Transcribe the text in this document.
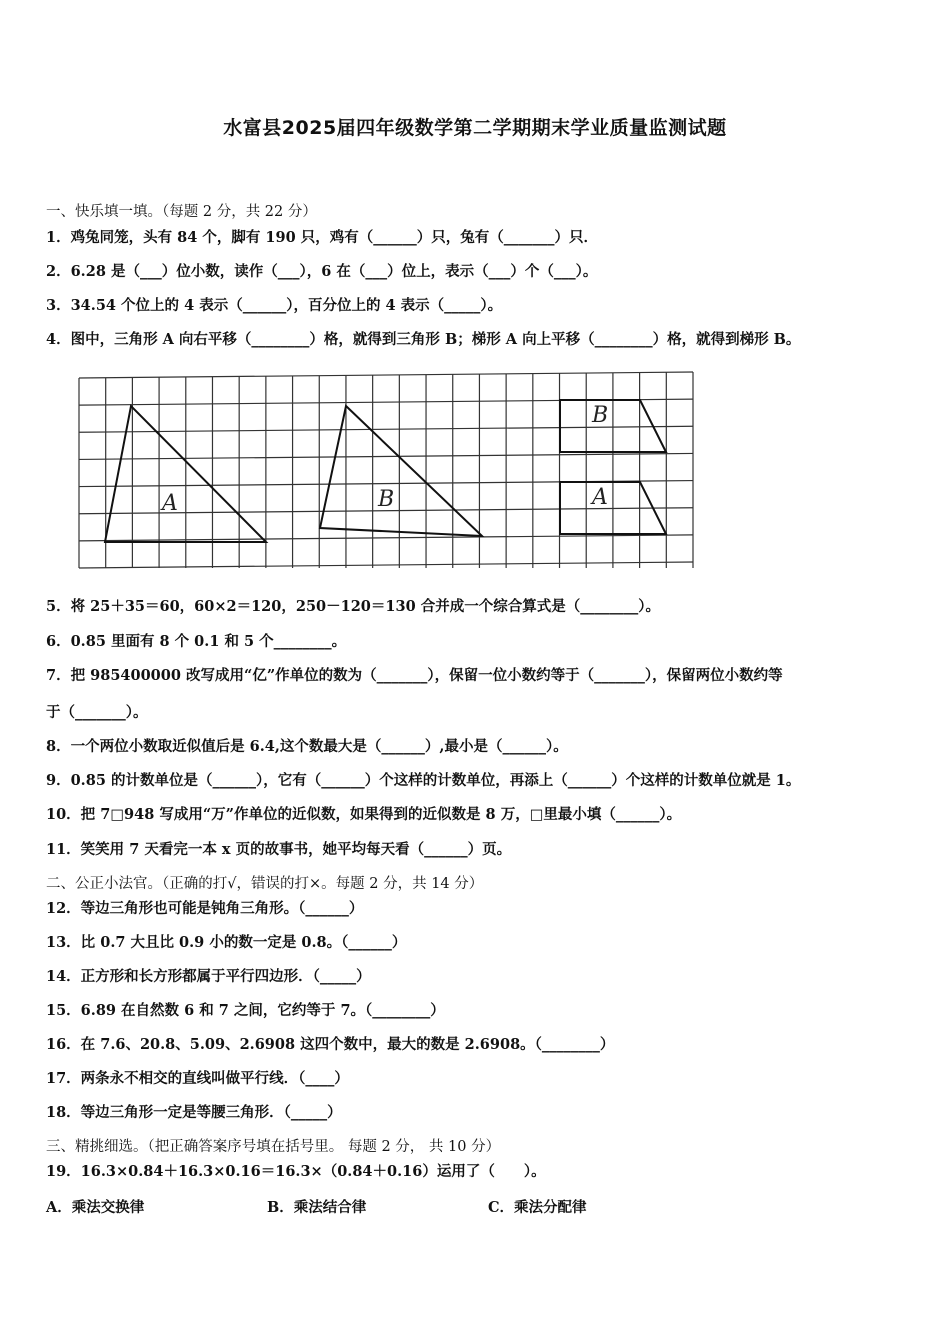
水富县2025届四年级数学第二学期期末学业质量监测试题
一、快乐填一填。（每题 2 分，共 22 分）
1．鸡兔同笼，头有 84 个，脚有 190 只，鸡有（______）只，兔有（_______）只．
2．6.28 是（___）位小数，读作（___），6 在（___）位上，表示（___）个（___）。
3．34.54 个位上的 4 表示（______），百分位上的 4 表示（_____）。
4．图中，三角形 A 向右平移（________）格，就得到三角形 B；梯形 A 向上平移（________）格，就得到梯形 B。
A	B
B
A
5．将 25＋35＝60，60×2＝120，250－120＝130 合并成一个综合算式是（________）。
6．0.85 里面有 8 个 0.1 和 5 个________。
7．把 985400000 改写成用“亿”作单位的数为（_______），保留一位小数约等于（_______），保留两位小数约等
于（_______）。
8．一个两位小数取近似值后是 6.4,这个数最大是（______）,最小是（______）。
9．0.85 的计数单位是（______），它有（______）个这样的计数单位，再添上（______）个这样的计数单位就是 1。
10．把 7□948 写成用“万”作单位的近似数，如果得到的近似数是 8 万，□里最小填（______）。
11．笑笑用 7 天看完一本 x 页的故事书，她平均每天看（______）页。
二、公正小法官。（正确的打√，错误的打×。每题 2 分，共 14 分）
12．等边三角形也可能是钝角三角形。（______）
13．比 0.7 大且比 0.9 小的数一定是 0.8。（______）
14．正方形和长方形都属于平行四边形．（_____）
15．6.89 在自然数 6 和 7 之间，它约等于 7。（________）
16．在 7.6、20.8、5.09、2.6908 这四个数中，最大的数是 2.6908。（________）
17．两条永不相交的直线叫做平行线．（____）
18．等边三角形一定是等腰三角形．（_____）
三、精挑细选。（把正确答案序号填在括号里。 每题 2 分， 共 10 分）
19．16.3×0.84＋16.3×0.16＝16.3×（0.84＋0.16）运用了（　　）。
A．乘法交换律	B．乘法结合律	C．乘法分配律
